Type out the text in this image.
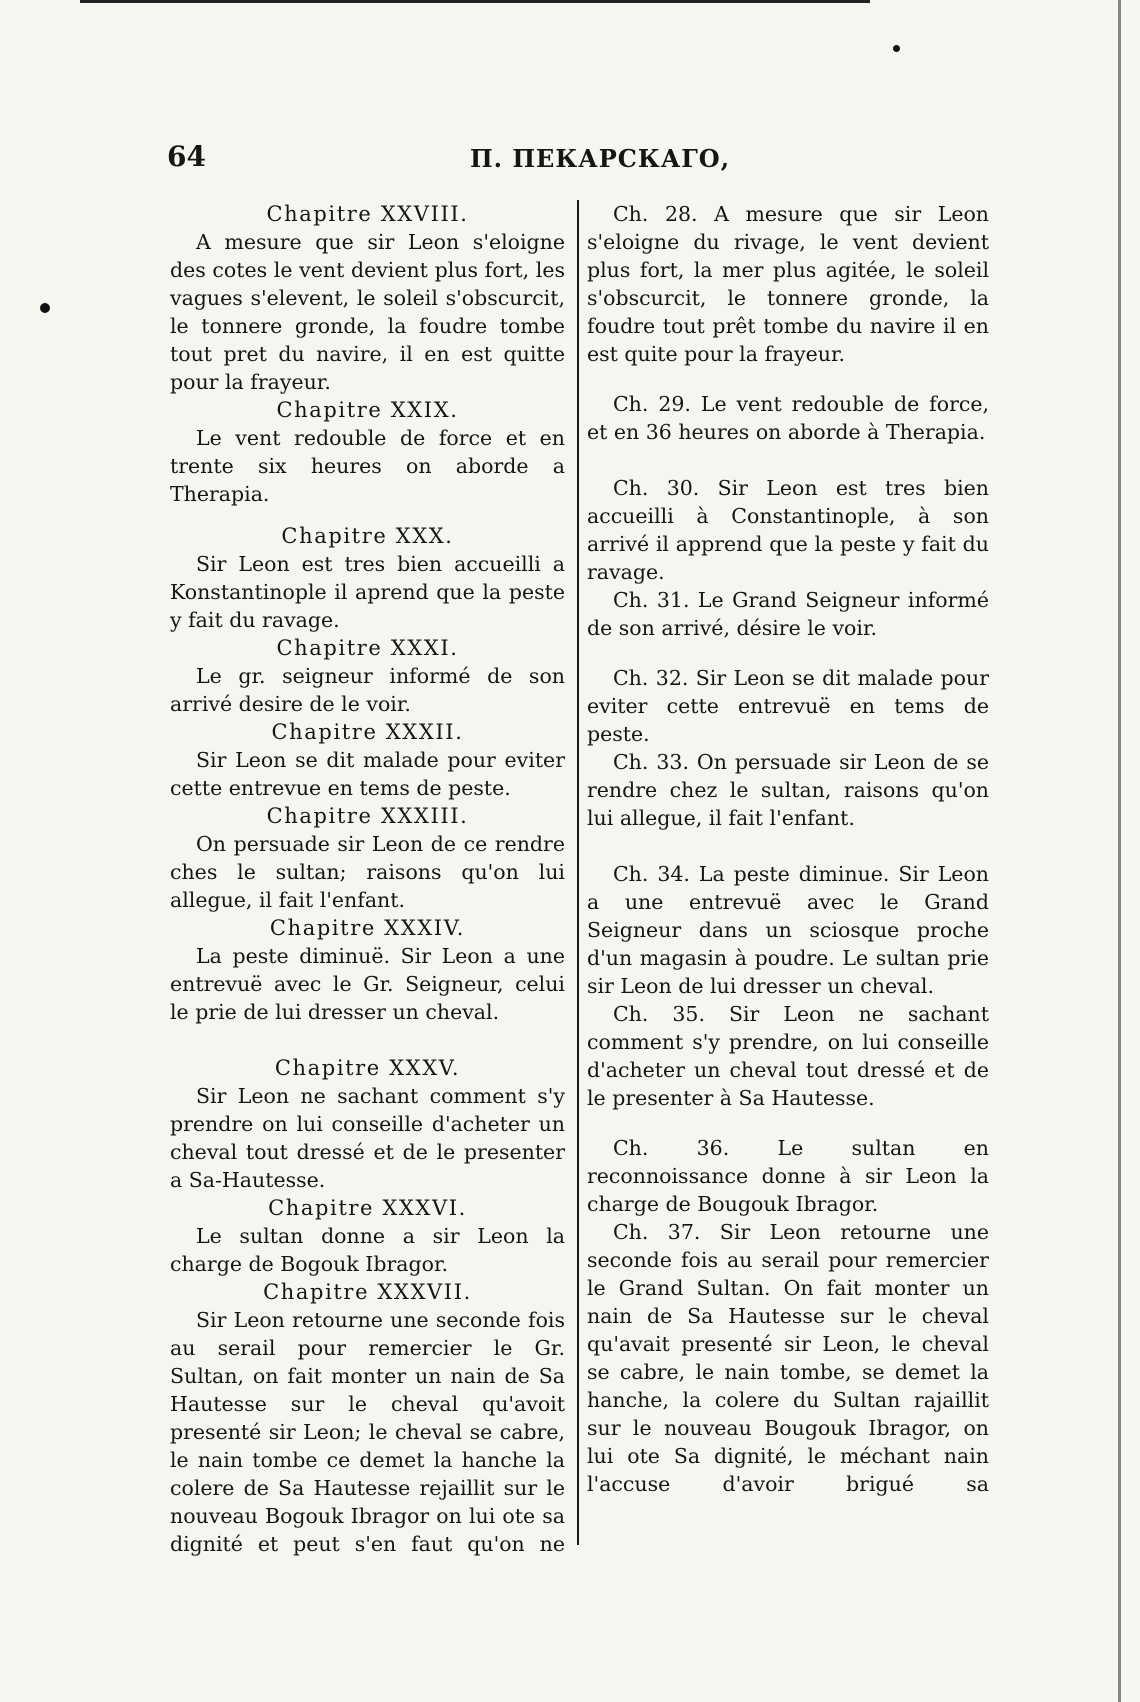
64	П. ПЕКАРСКАГО,
Chapitre XXVIII.
A mesure que sir Leon s'eloigne des cotes le vent devient plus fort, les vagues s'elevent, le soleil s'obscurcit, le tonnere gronde, la foudre tombe tout pret du navire, il en est quitte pour la frayeur.
Chapitre XXIX.
Le vent redouble de force et en trente six heures on aborde a Therapia.
Chapitre XXX.
Sir Leon est tres bien accueilli a Konstantinople il aprend que la peste y fait du ravage.
Chapitre XXXI.
Le gr. seigneur informé de son arrivé desire de le voir.
Chapitre XXXII.
Sir Leon se dit malade pour eviter cette entrevue en tems de peste.
Chapitre XXXIII.
On persuade sir Leon de ce rendre ches le sultan; raisons qu'on lui allegue, il fait l'enfant.
Chapitre XXXIV.
La peste diminuë. Sir Leon a une entrevuë avec le Gr. Seigneur, celui le prie de lui dresser un cheval.
Chapitre XXXV.
Sir Leon ne sachant comment s'y prendre on lui conseille d'acheter un cheval tout dressé et de le presenter a Sa-Hautesse.
Chapitre XXXVI.
Le sultan donne a sir Leon la charge de Bogouk Ibragor.
Chapitre XXXVII.
Sir Leon retourne une seconde fois au serail pour remercier le Gr. Sultan, on fait monter un nain de Sa Hautesse sur le cheval qu'avoit presenté sir Leon; le cheval se cabre, le nain tombe ce demet la hanche la colere de Sa Hautesse rejaillit sur le nouveau Bogouk Ibragor on lui ote sa dignité et peut s'en faut qu'on ne
Ch. 28. A mesure que sir Leon s'eloigne du rivage, le vent devient plus fort, la mer plus agitée, le soleil s'obscurcit, le tonnere gronde, la foudre tout prêt tombe du navire il en est quite pour la frayeur.
Ch. 29. Le vent redouble de force, et en 36 heures on aborde à Therapia.
Ch. 30. Sir Leon est tres bien accueilli à Constantinople, à son arrivé il apprend que la peste y fait du ravage.
Ch. 31. Le Grand Seigneur informé de son arrivé, désire le voir.
Ch. 32. Sir Leon se dit malade pour eviter cette entrevuë en tems de peste.
Ch. 33. On persuade sir Leon de se rendre chez le sultan, raisons qu'on lui allegue, il fait l'enfant.
Ch. 34. La peste diminue. Sir Leon a une entrevuë avec le Grand Seigneur dans un sciosque proche d'un magasin à poudre. Le sultan prie sir Leon de lui dresser un cheval.
Ch. 35. Sir Leon ne sachant comment s'y prendre, on lui conseille d'acheter un cheval tout dressé et de le presenter à Sa Hautesse.
Ch. 36. Le sultan en reconnoissance donne à sir Leon la charge de Bougouk Ibragor.
Ch. 37. Sir Leon retourne une seconde fois au serail pour remercier le Grand Sultan. On fait monter un nain de Sa Hautesse sur le cheval qu'avait presenté sir Leon, le cheval se cabre, le nain tombe, se demet la hanche, la colere du Sultan rajaillit sur le nouveau Bougouk Ibragor, on lui ote Sa dignité, le méchant nain l'accuse d'avoir brigué sa
